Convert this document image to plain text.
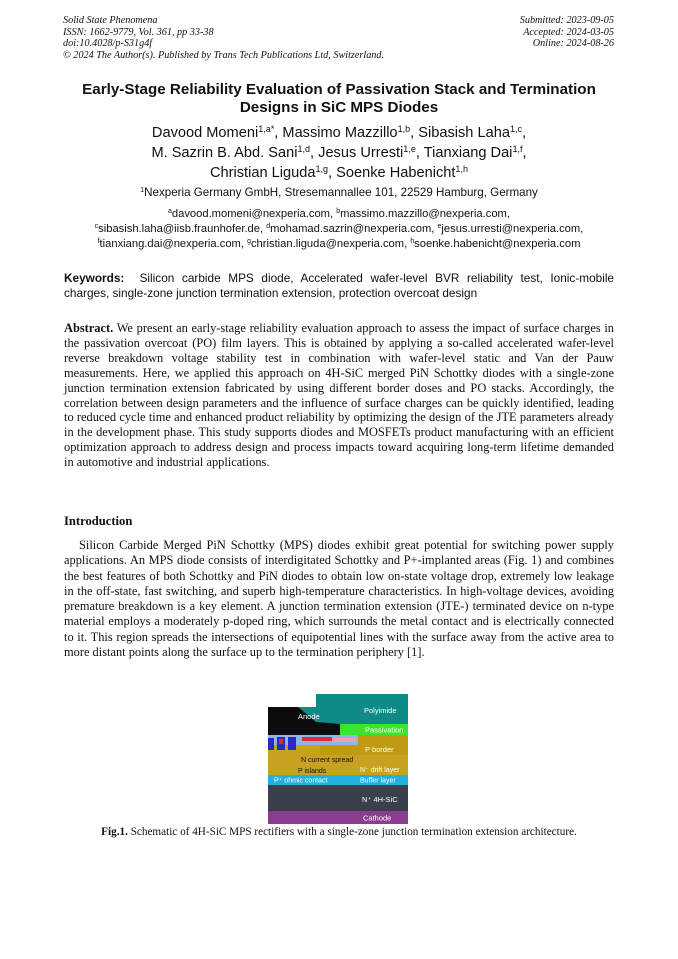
Solid State Phenomena
ISSN: 1662-9779, Vol. 361, pp 33-38
doi:10.4028/p-S31g4f
© 2024 The Author(s). Published by Trans Tech Publications Ltd, Switzerland.
Submitted: 2023-09-05
Accepted: 2024-03-05
Online: 2024-08-26
Early-Stage Reliability Evaluation of Passivation Stack and Termination
Designs in SiC MPS Diodes
Davood Momeni$^{1,a*}$, Massimo Mazzillo$^{1,b}$, Sibasish Laha$^{1,c}$,
M. Sazrin B. Abd. Sani$^{1,d}$, Jesus Urresti$^{1,e}$, Tianxiang Dai$^{1,f}$,
Christian Liguda$^{1,g}$, Soenke Habenicht$^{1,h}$
$^1$Nexperia Germany GmbH, Stresemannallee 101, 22529 Hamburg, Germany
$^a$davood.momeni@nexperia.com, $^b$massimo.mazzillo@nexperia.com,
$^c$sibasish.laha@iisb.fraunhofer.de, $^d$mohamad.sazrin@nexperia.com, $^e$jesus.urresti@nexperia.com,
$^f$tianxiang.dai@nexperia.com, $^g$christian.liguda@nexperia.com, $^h$soenke.habenicht@nexperia.com
Keywords: Silicon carbide MPS diode, Accelerated wafer-level BVR reliability test, Ionic-mobile charges, single-zone junction termination extension, protection overcoat design
Abstract. We present an early-stage reliability evaluation approach to assess the impact of surface charges in the passivation overcoat (PO) film layers. This is obtained by applying a so-called accelerated wafer-level reverse breakdown voltage stability test in combination with wafer-level static and Van der Pauw measurements. Here, we applied this approach on 4H-SiC merged PiN Schottky diodes with a single-zone junction termination extension fabricated by using different border doses and PO stacks. Accordingly, the correlation between design parameters and the influence of surface charges can be quickly identified, leading to reduced cycle time and enhanced product reliability by optimizing the design of the JTE parameters already in the development phase. This study supports diodes and MOSFETs product manufacturing with an efficient optimization approach to address design and process impacts toward acquiring long-term lifetime demanded in automotive and industrial applications.
Introduction
Silicon Carbide Merged PiN Schottky (MPS) diodes exhibit great potential for switching power supply applications. An MPS diode consists of interdigitated Schottky and P+-implanted areas (Fig. 1) and combines the best features of both Schottky and PiN diodes to obtain low on-state voltage drop, extremely low leakage in the off-state, fast switching, and superb high-temperature characteristics. In high-voltage devices, avoiding premature breakdown is a key element. A junction termination extension (JTE-) terminated device on n-type material employs a moderately p-doped ring, which surrounds the metal contact and is electrically connected to it. This region spreads the intersections of equipotential lines with the surface away from the active area to more distant points along the surface up to the termination periphery [1].
Anode
Polyimide
Passivation
P border
N current spread
P islands	N⁻ drift layer
P⁺ ohmic contact	Buffer layer
N⁺ 4H-SiC
Cathode
Fig.1. Schematic of 4H-SiC MPS rectifiers with a single-zone junction termination extension architecture.
